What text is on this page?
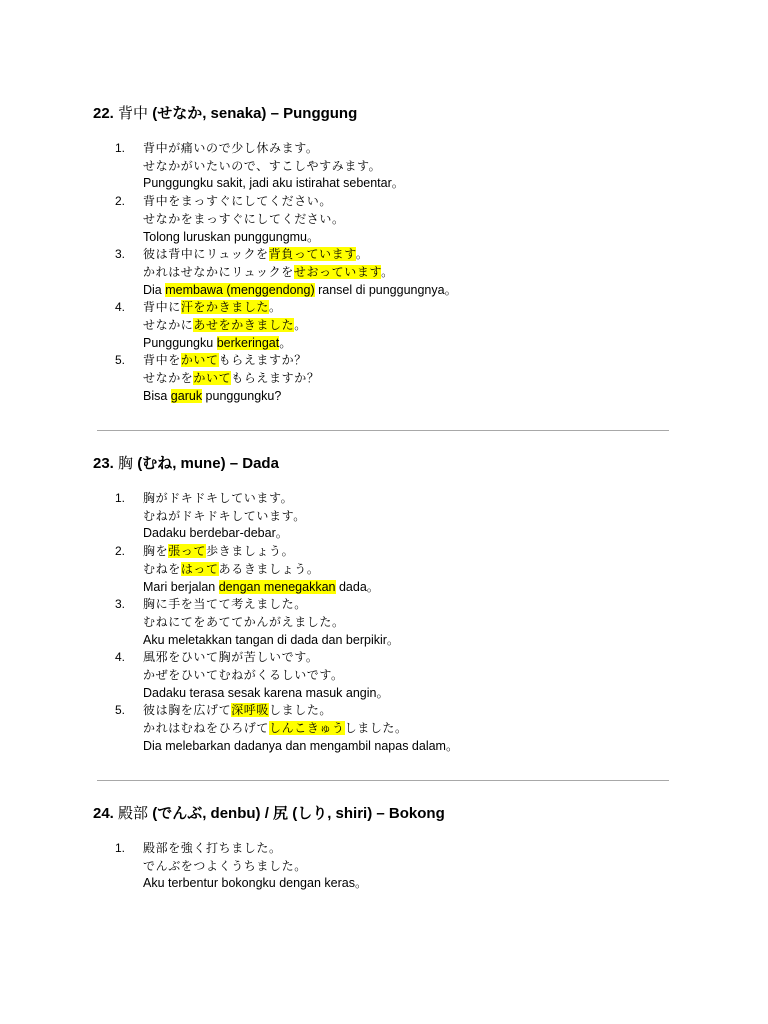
22. 背中 (せなか, senaka) – Punggung
1. 背中が痛いので少し休みます。
せなかがいたいので、すこしやすみます。
Punggungku sakit, jadi aku istirahat sebentar。
2. 背中をまっすぐにしてください。
せなかをまっすぐにしてください。
Tolong luruskan punggungmu。
3. 彼は背中にリュックを背負っています。
かれはせなかにリュックをせおっています。
Dia membawa (menggendong) ransel di punggungnya。
4. 背中に汗をかきました。
せなかにあせをかきました。
Punggungku berkeringat。
5. 背中をかいてもらえますか？
せなかをかいてもらえますか？
Bisa garuk punggungku?
23. 胸 (むね, mune) – Dada
1. 胸がドキドキしています。
むねがドキドキしています。
Dadaku berdebar-debar。
2. 胸を張って歩きましょう。
むねをはってあるきましょう。
Mari berjalan dengan menegakkan dada。
3. 胸に手を当てて考えました。
むねにてをあててかんがえました。
Aku meletakkan tangan di dada dan berpikir。
4. 風邪をひいて胸が苦しいです。
かぜをひいてむねがくるしいです。
Dadaku terasa sesak karena masuk angin。
5. 彼は胸を広げて深呼吸しました。
かれはむねをひろげてしんこきゅうしました。
Dia melebarkan dadanya dan mengambil napas dalam。
24. 殿部 (でんぶ, denbu) / 尻 (しり, shiri) – Bokong
1. 殿部を強く打ちました。
でんぶをつよくうちました。
Aku terbentur bokongku dengan keras。
